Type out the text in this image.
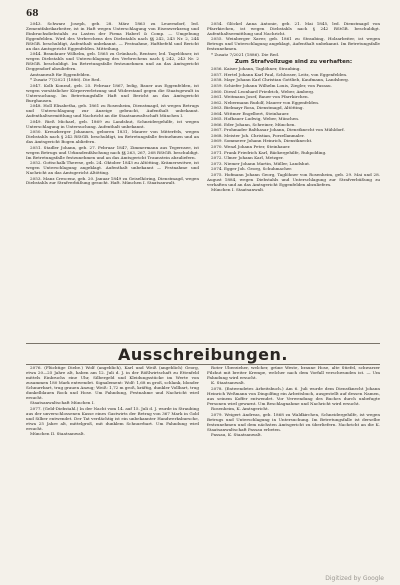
68

2043. Schwarz Joseph, geb. 28. März 1863 zu Leuerndorf, led. Zementfabrikarbeiter, ist in Haft wegen Unterschlagung von Eisenwerkzeug und Einbruchsdiebstahls zu Lasten der Firma Haberl & Comp. — Umgebung Eggenfelden. Wird des Verbrechens des Diebstahls nach §§ 242, 243 Nr. 2, 244 RStGB. beschuldigt, Aufenthalt unbekannt. — Festnahme, Haftbefehl und Bericht an das Amtsgericht Eggenfelden. Mitteilung.

2044. Brandauer Wilhelm, geb. 1865 zu Grünbach, Rentner, led. Tagelöhner, ist wegen Diebstahls und Unterschlagung des Verbrechens nach § 242, 243 Nr. 2 RStGB. beschuldigt. Im Betretungsfalle festzunehmen und an das Amtsgericht Deggendorf abzuliefern.

Amtsanwalt für Eggenfelden.

* Zusatz 77/2021 (1886). Die Red.

2047. Kolb Konrad, geb. 25. Februar 1867, ledig, Bauer aus Eggenfelden, ist wegen vorsätzlicher Körperverletzung und Widerstand gegen die Staatsgewalt in Untersuchung. Im Betretungsfalle Haft und Bericht an das Amtsgericht Burghausen.

2048. Holl Elisabetha, geb. 1861 zu Rosenheim, Dienstmagd, ist wegen Betrugs und Unterschlagung zur Anzeige gebracht, Aufenthalt unbekannt. Aufenthaltsermittlung und Nachricht an die Staatsanwaltschaft München I.

2049. Rieß Michael, geb. 1869 zu Landshut, Schneidergehilfe, ist wegen Unterschlagung in Untersuchung. Aufenthalt unbekannt.

2050. Kreuzberger Johannes, geboren 1831, Maurer von Mitterfels, wegen Diebstahls nach § 242 RStGB. beschuldigt, im Betretungsfalle festnehmen und an das Amtsgericht Bogen abliefern.

2051. Stadler Johann, geb. 27. Februar 1847, Zimmermann aus Tegernsee, ist wegen Betrugs und Urkundenfälschung nach §§ 263, 267, 268 RStGB. beschuldigt. Im Betretungsfalle festzunehmen und an das Amtsgericht Traunstein abzuliefern.

2052. Gottschalk Therese, geb. 24. Oktober 1843 zu Altötting, Krämerswitwe, ist wegen Unterschlagung angeklagt. Aufenthalt unbekannt — Festnahme und Nachricht an das Amtsgericht Altötting.

2053. Manz Crescenz, geb. 20. Januar 1849 zu Geiselhöring, Dienstmagd, wegen Diebstahls zur Strafverbüßung gesucht. Haft. München I. Staatsanwalt.

2054. Glöckel Anna Antonie, geb. 21. Mai 1845, led. Dienstmagd von Pfarrkirchen, ist wegen Diebstahls nach § 242 RStGB. beschuldigt. Aufenthaltsermittlung und Nachricht.

2055. Weinberger Xaver, geb. 1861 zu Straubing, Holzarbeiter, ist wegen Betrugs und Unterschlagung angeklagt, Aufenthalt unbekannt. Im Betretungsfalle festzunehmen.

* Zusatz 7/2021 (1886). Die Red.

Zum Strafvollzuge sind zu verhaften:

2056. Kaiser Johann, Taglöhner, Straubing.

2057. Hertel Johann Karl Paul, Schlosser, Leitz, von Eggenfelden.

2058. Mayr Johann Karl Christian Gottlieb, Kaufmann, Landsberg.

2059. Schiefer Johann Wilhelm Louis, Ziegler, von Passau.

2060. Diessl Leonhard Friedrich, Weber, Amberg.

2061. Weitmann Josef, Bauer von Pfarrkirchen.

2062. Nebermann Rudolf, Maurer von Eggenfelden.

2063. Bielmayr Rosa, Dienstmagd, Altötting.

2064. Wittmer Engelbert, Steinhauer.

2065. Hofbauer Ludwig, Weber, München.

2066. Eder Johann, Schreiner, München.

2067. Prohmader Balthasar Johann, Dienstknecht von Mühldorf.

2068. Meister Joh. Christian, Porzellanmaler.

2069. Sommerer Johann Heinrich, Dienstknecht.

2070. Wenzl Johann Peter, Steinhauer.

2071. Frank Friedrich Karl, Bäckergehilfe, Ruhpolding.

2072. Ulmer Johann Karl, Metzger.

2073. Niemer Johann Martin, Müller, Landshut.

2074. Egger Joh. Georg, Schuhmacher.

2075. Hofmann Johann Georg, Taglöhner von Rosenheim, geb. 29. Mai und 28. August 1884, wegen Diebstahls und Unterschlagung zur Strafverbüßung zu verhaften und an das Amtsgericht Eggenfelden abzuliefern.

München I. Staatsanwalt.

Ausschreibungen.

2076. (Flüchtige Diebe.) Wolf (angeblich), Karl und Weiß (angeblich) Georg, etwa 20—25 Jahre alt, haben am 12. Juli d. J. in der Rößlwirtschaft zu Ettenfeld mittels Einbruchs eine Uhr, Silbergeld und Kleidungsstücke im Werte von zusammen 180 Mark entwendet. Signalement: Wolf: 1,68 m groß, schlank, blonder Schnurrbart, trug grauen Anzug; Weiß: 1,72 m groß, kräftig, dunkler Vollbart, trug dunkelblauen Rock und Hose. Um Fahndung, Festnahme und Nachricht wird ersucht.

Staatsanwaltschaft München I.

2077. (Geld-Diebstahl.) In der Nacht vom 14. auf 15. Juli d. J. wurde in Straubing aus der unverschlossenen Kasse eines Gastwirts der Betrag von 367 Mark in Gold und Silber entwendet. Der Tat verdächtig ist ein unbekannter Handwerksbursche, etwa 25 Jahre alt, mittelgroß, mit dunklem Schnurrbart. Um Fahndung wird ersucht.

München II. Staatsanwalt.

Roter Überzieher, welcher, grüne Weste, braune Hose, alte Stiefel, schwarzer Filzhut mit breiter Krempe, welcher nach dem Vorfall verschwunden ist. — Um Fahndung wird ersucht.

K. Staatsanwalt.

2078. (Entwendetes Arbeitsbuch.) Am 6. Juli wurde dem Dienstknecht Johann Heinrich Weßmann von Dingolfing ein Arbeitsbuch, ausgestellt auf dessen Namen, aus seinem Koffer entwendet. Vor Verwendung des Buches durch unbefugte Personen wird gewarnt. Um Beschlagnahme und Nachricht wird ersucht.

Rosenheim, K. Amtsgericht.

2079. Weigert Andreas, geb. 1868 zu Waldkirchen, Schneidergehilfe, ist wegen Betrugs und Unterschlagung in Untersuchung. Im Betretungsfalle ist derselbe festzunehmen und dem nächsten Amtsgericht zu überliefern. Nachricht an die K. Staatsanwaltschaft Passau erbeten.

Passau, K. Staatsanwalt.

Digitized by Google
